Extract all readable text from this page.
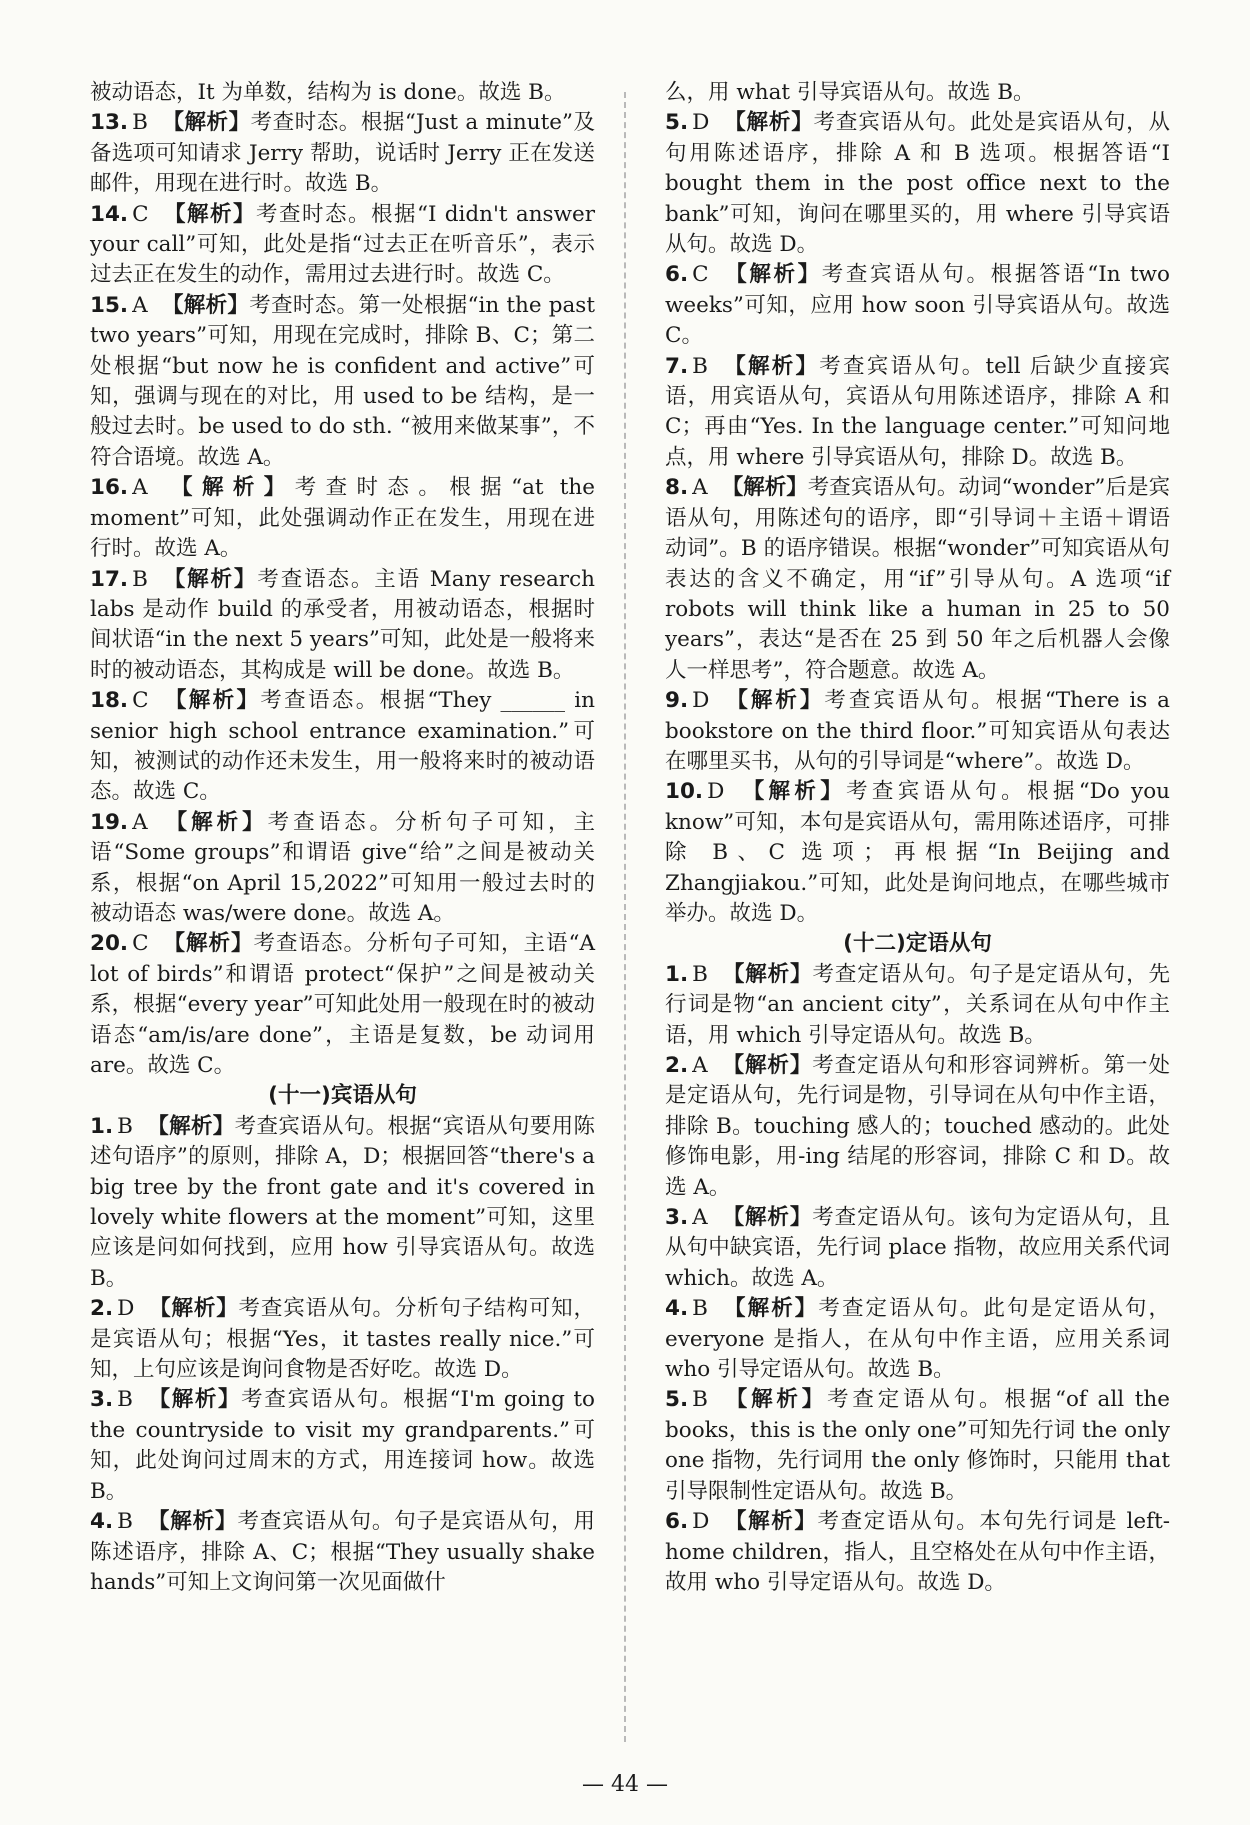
被动语态，It 为单数，结构为 is done。故选 B。

13. B 【解析】考查时态。根据“Just a minute”及备选项可知请求 Jerry 帮助，说话时 Jerry 正在发送邮件，用现在进行时。故选 B。

14. C 【解析】考查时态。根据“I didn't answer your call”可知，此处是指“过去正在听音乐”，表示过去正在发生的动作，需用过去进行时。故选 C。

15. A 【解析】考查时态。第一处根据“in the past two years”可知，用现在完成时，排除 B、C；第二处根据“but now he is confident and active”可知，强调与现在的对比，用 used to be 结构，是一般过去时。be used to do sth. “被用来做某事”，不符合语境。故选 A。

16. A 【解析】考查时态。根据“at the moment”可知，此处强调动作正在发生，用现在进行时。故选 A。

17. B 【解析】考查语态。主语 Many research labs 是动作 build 的承受者，用被动语态，根据时间状语“in the next 5 years”可知，此处是一般将来时的被动语态，其构成是 will be done。故选 B。

18. C 【解析】考查语态。根据“They ______ in senior high school entrance examination.”可知，被测试的动作还未发生，用一般将来时的被动语态。故选 C。

19. A 【解析】考查语态。分析句子可知，主语“Some groups”和谓语 give“给”之间是被动关系，根据“on April 15,2022”可知用一般过去时的被动语态 was/were done。故选 A。

20. C 【解析】考查语态。分析句子可知，主语“A lot of birds”和谓语 protect“保护”之间是被动关系，根据“every year”可知此处用一般现在时的被动语态“am/is/are done”，主语是复数，be 动词用 are。故选 C。

(十一)宾语从句

1. B 【解析】考查宾语从句。根据“宾语从句要用陈述句语序”的原则，排除 A，D；根据回答“there's a big tree by the front gate and it's covered in lovely white flowers at the moment”可知，这里应该是问如何找到，应用 how 引导宾语从句。故选 B。

2. D 【解析】考查宾语从句。分析句子结构可知，是宾语从句；根据“Yes，it tastes really nice.”可知，上句应该是询问食物是否好吃。故选 D。

3. B 【解析】考查宾语从句。根据“I'm going to the countryside to visit my grandparents.”可知，此处询问过周末的方式，用连接词 how。故选 B。

4. B 【解析】考查宾语从句。句子是宾语从句，用陈述语序，排除 A、C；根据“They usually shake hands”可知上文询问第一次见面做什

么，用 what 引导宾语从句。故选 B。

5. D 【解析】考查宾语从句。此处是宾语从句，从句用陈述语序，排除 A 和 B 选项。根据答语“I bought them in the post office next to the bank”可知，询问在哪里买的，用 where 引导宾语从句。故选 D。

6. C 【解析】考查宾语从句。根据答语“In two weeks”可知，应用 how soon 引导宾语从句。故选 C。

7. B 【解析】考查宾语从句。tell 后缺少直接宾语，用宾语从句，宾语从句用陈述语序，排除 A 和 C；再由“Yes. In the language center.”可知问地点，用 where 引导宾语从句，排除 D。故选 B。

8. A 【解析】考查宾语从句。动词“wonder”后是宾语从句，用陈述句的语序，即“引导词＋主语＋谓语动词”。B 的语序错误。根据“wonder”可知宾语从句表达的含义不确定，用“if”引导从句。A 选项“if robots will think like a human in 25 to 50 years”，表达“是否在 25 到 50 年之后机器人会像人一样思考”，符合题意。故选 A。

9. D 【解析】考查宾语从句。根据“There is a bookstore on the third floor.”可知宾语从句表达在哪里买书，从句的引导词是“where”。故选 D。

10. D 【解析】考查宾语从句。根据“Do you know”可知，本句是宾语从句，需用陈述语序，可排除 B、C 选项；再根据“In Beijing and Zhangjiakou.”可知，此处是询问地点，在哪些城市举办。故选 D。

(十二)定语从句

1. B 【解析】考查定语从句。句子是定语从句，先行词是物“an ancient city”，关系词在从句中作主语，用 which 引导定语从句。故选 B。

2. A 【解析】考查定语从句和形容词辨析。第一处是定语从句，先行词是物，引导词在从句中作主语，排除 B。touching 感人的；touched 感动的。此处修饰电影，用-ing 结尾的形容词，排除 C 和 D。故选 A。

3. A 【解析】考查定语从句。该句为定语从句，且从句中缺宾语，先行词 place 指物，故应用关系代词 which。故选 A。

4. B 【解析】考查定语从句。此句是定语从句，everyone 是指人，在从句中作主语，应用关系词 who 引导定语从句。故选 B。

5. B 【解析】考查定语从句。根据“of all the books，this is the only one”可知先行词 the only one 指物，先行词用 the only 修饰时，只能用 that 引导限制性定语从句。故选 B。

6. D 【解析】考查定语从句。本句先行词是 left-home children，指人，且空格处在从句中作主语，故用 who 引导定语从句。故选 D。

— 44 —
